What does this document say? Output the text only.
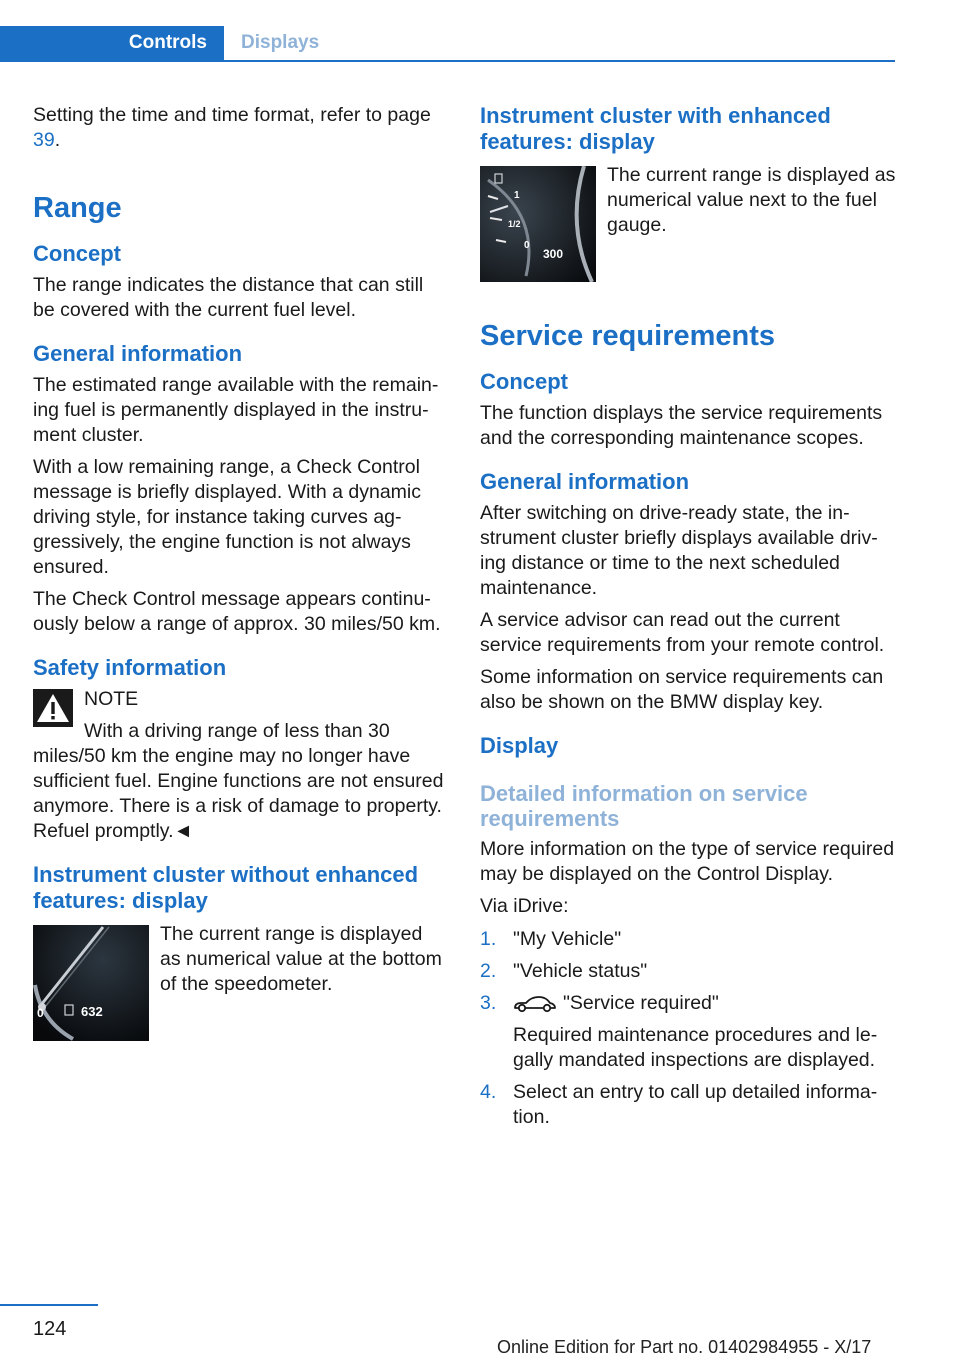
Controls	Displays

Setting the time and time format, refer to page 39.

Range
Concept

The range indicates the distance that can still be covered with the current fuel level.

General information

The estimated range available with the remaining fuel is permanently displayed in the instrument cluster.

With a low remaining range, a Check Control message is briefly displayed. With a dynamic driving style, for instance taking curves aggressively, the engine function is not always ensured.

The Check Control message appears continuously below a range of approx. 30 miles/50 km.

Safety information
NOTE
With a driving range of less than 30 miles/50 km the engine may no longer have sufficient fuel. Engine functions are not ensured anymore. There is a risk of damage to property. Refuel promptly.◄
Instrument cluster without enhanced features: display
0	632
The current range is displayed as numerical value at the bottom of the speedometer.
Instrument cluster with enhanced features: display
1
1/2
0
300
The current range is displayed as numerical value next to the fuel gauge.
Service requirements
Concept

The function displays the service requirements and the corresponding maintenance scopes.

General information

After switching on drive-ready state, the instrument cluster briefly displays available driving distance or time to the next scheduled maintenance.

A service advisor can read out the current service requirements from your remote control.

Some information on service requirements can also be shown on the BMW display key.

Display
Detailed information on service requirements

More information on the type of service required may be displayed on the Control Display.

Via iDrive:

1. "My Vehicle"
2. "Vehicle status"
3.	"Service required"
Required maintenance procedures and legally mandated inspections are displayed.
4. Select an entry to call up detailed information.
124
Online Edition for Part no. 01402984955 - X/17
